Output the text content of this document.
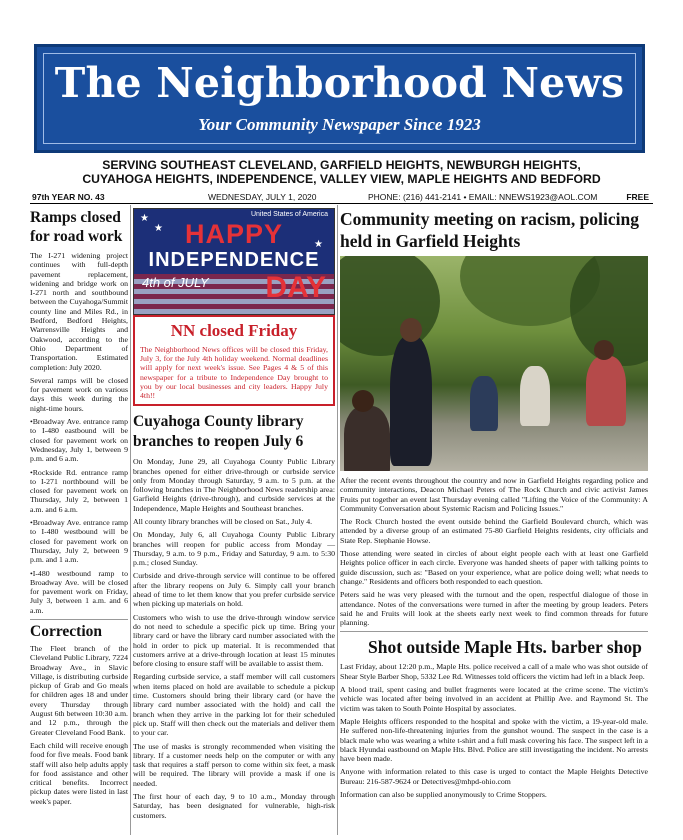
The Neighborhood News
Your Community Newspaper Since 1923
SERVING SOUTHEAST CLEVELAND, GARFIELD HEIGHTS, NEWBURGH HEIGHTS,
CUYAHOGA HEIGHTS, INDEPENDENCE, VALLEY VIEW, MAPLE HEIGHTS AND BEDFORD
97th YEAR NO. 43	WEDNESDAY, JULY 1, 2020	PHONE: (216) 441-2141 • EMAIL: NNEWS1923@AOL.COM	FREE
Ramps closed for road work

The I-271 widening project continues with full-depth pavement replacement, widening and bridge work on I-271 north and southbound between the Cuyahoga/Summit county line and Miles Rd., in Bedford, Bedford Heights, Warrensville Heights and Oakwood, according to the Ohio Department of Transportation. Estimated completion: July 2020.

Several ramps will be closed for pavement work on various days this week during the night-time hours.

•Broadway Ave. entrance ramp to I-480 eastbound will be closed for pavement work on Wednesday, July 1, between 9 p.m. and 6 a.m.

•Rockside Rd. entrance ramp to I-271 northbound will be closed for pavement work on Thursday, July 2, between 1 a.m. and 6 a.m.

•Broadway Ave. entrance ramp to I-480 westbound will be closed for pavement work on Thursday, July 2, between 9 p.m. and 1 a.m.

•I-480 westbound ramp to Broadway Ave. will be closed for pavement work on Friday, July 3, between 1 a.m. and 6 a.m.

Correction

The Fleet branch of the Cleveland Public Library, 7224 Broadway Ave., in Slavic Village, is distributing curbside pickup of Grab and Go meals for children ages 18 and under every Thursday through August 6th between 10:30 a.m. and 12 p.m., through the Greater Cleveland Food Bank.

Each child will receive enough food for five meals. Food bank staff will also help adults apply for food assistance and other critical benefits. Incorrect pickup dates were listed in last week's paper.

★
★
★
United States of America
HAPPY
INDEPENDENCE
4th of JULY DAY
NN closed Friday
The Neighborhood News offices will be closed this Friday, July 3, for the July 4th holiday weekend. Normal deadlines will apply for next week's issue. See Pages 4 & 5 of this newspaper for a tribute to Independence Day brought to you by our local businesses and city leaders. Happy July 4th!!
Cuyahoga County library branches to reopen July 6

On Monday, June 29, all Cuyahoga County Public Library branches opened for either drive-through or curbside service only from Monday through Saturday, 9 a.m. to 5 p.m. at the following branches in The Neighborhood News readership area: Garfield Heights (drive-through), and curbside services at the Independence, Maple Heights and Southeast branches.

All county library branches will be closed on Sat., July 4.

On Monday, July 6, all Cuyahoga County Public Library branches will reopen for public access from Monday — Thursday, 9 a.m. to 9 p.m., Friday and Saturday, 9 a.m. to 5:30 p.m.; closed Sunday.

Curbside and drive-through service will continue to be offered after the library reopens on July 6. Simply call your branch ahead of time to let them know that you prefer curbside service when picking up materials on hold.

Customers who wish to use the drive-through window service do not need to schedule a specific pick up time. Bring your library card or have the library card number associated with the hold in order to pick up material. It is recommended that customers arrive at a drive-through location at least 15 minutes before closing to ensure staff will be available to assist them.

Regarding curbside service, a staff member will call customers when items placed on hold are available to schedule a pickup time. Customers should bring their library card (or have the library card number associated with the hold) and call the branch when they arrive in the parking lot for their scheduled pick up. Staff will then check out the materials and deliver them to your car.

The use of masks is strongly recommended when visiting the library. If a customer needs help on the computer or with any task that requires a staff person to come within six feet, a mask will be required. The library will provide a mask if one is needed.

The first hour of each day, 9 to 10 a.m., Monday through Saturday, has been designated for vulnerable, high-risk customers.

Community meeting on racism, policing held in Garfield Heights

After the recent events throughout the country and now in Garfield Heights regarding police and community interactions, Deacon Michael Peters of The Rock Church and civic activist James Fruits put together an event last Thursday evening called "Lifting the Voice of the Community: A Community Conversation about Systemic Racism and Policing Issues."

The Rock Church hosted the event outside behind the Garfield Boulevard church, which was attended by a diverse group of an estimated 75-80 Garfield Heights residents, city officials and State Rep. Stephanie Howse.

Those attending were seated in circles of about eight people each with at least one Garfield Heights police officer in each circle. Everyone was handed sheets of paper with talking points to guide discussion, such as: "Based on your experience, what are police doing well; what needs to change." Residents and officers both responded to each question.

Peters said he was very pleased with the turnout and the open, respectful dialogue of those in attendance. Notes of the conversations were turned in after the meeting by group leaders. Peters said he and Fruits will look at the sheets early next week to find common threads for future planning.

Shot outside Maple Hts. barber shop

Last Friday, about 12:20 p.m., Maple Hts. police received a call of a male who was shot outside of Shear Style Barber Shop, 5332 Lee Rd. Witnesses told officers the victim had left in a black Jeep.

A blood trail, spent casing and bullet fragments were located at the crime scene. The victim's vehicle was located after being involved in an accident at Phillip Ave. and Raymond St. The victim was taken to South Pointe Hospital by associates.

Maple Heights officers responded to the hospital and spoke with the victim, a 19-year-old male. He suffered non-life-threatening injuries from the gunshot wound. The suspect in the case is a black male who was wearing a white t-shirt and a full mask covering his face. The suspect left in a black Hyundai eastbound on Maple Hts. Blvd. Police are still investigating the incident. No arrests have been made.

Anyone with information related to this case is urged to contact the Maple Heights Detective Bureau: 216-587-9624 or Detectives@mhpd-ohio.com

Information can also be supplied anonymously to Crime Stoppers.
